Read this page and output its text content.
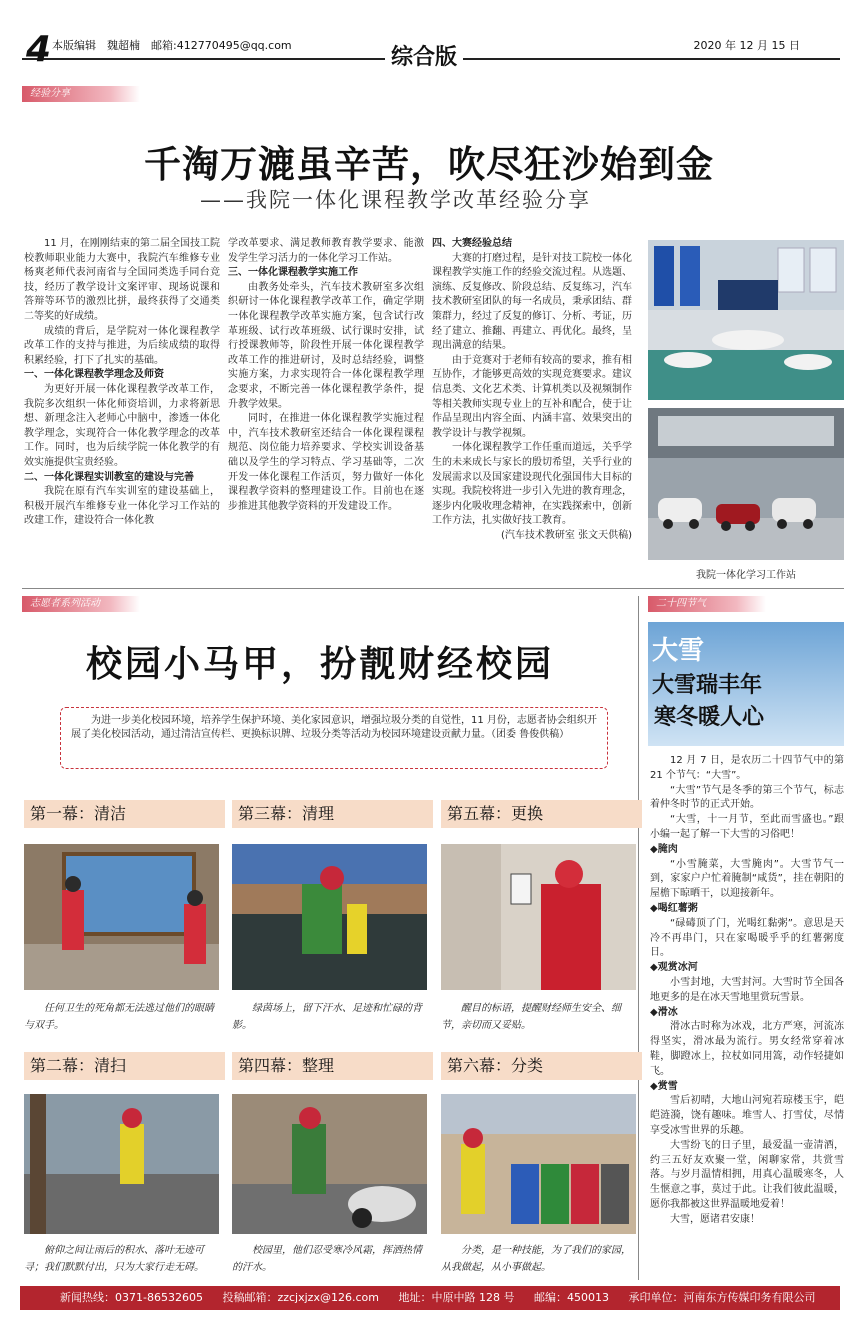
4 本版编辑　魏超楠　邮箱:412770495@qq.com	综合版	2020 年 12 月 15 日
经验分享
千淘万漉虽辛苦，吹尽狂沙始到金
——我院一体化课程教学改革经验分享

11 月，在刚刚结束的第二届全国技工院校教师职业能力大赛中，我院汽车维修专业杨爽老师代表河南省与全国同类选手同台竞技，经历了教学设计文案评审、现场说课和答辩等环节的激烈比拼，最终获得了交通类二等奖的好成绩。

成绩的背后，是学院对一体化课程教学改革工作的支持与推进，为后续成绩的取得积累经验，打下了扎实的基础。

一、一体化课程教学理念及师资

为更好开展一体化课程教学改革工作，我院多次组织一体化师资培训，力求将新思想、新理念注入老师心中脑中，渗透一体化教学理念，实现符合一体化教学理念的改革工作。同时，也为后续学院一体化教学的有效实施提供宝贵经验。

二、一体化课程实训教室的建设与完善

我院在原有汽车实训室的建设基础上，积极开展汽车维修专业一体化学习工作站的改建工作，建设符合一体化教

学改革要求、满足教师教育教学要求、能激发学生学习活力的一体化学习工作站。

三、一体化课程教学实施工作

由教务处牵头，汽车技术教研室多次组织研讨一体化课程教学改革工作，确定学期一体化课程教学改革实施方案，包含试行改革班级、试行改革班级、试行课时安排，试行授课教师等，阶段性开展一体化课程教学改革工作的推进研讨，及时总结经验，调整实施方案，力求实现符合一体化课程教学理念要求，不断完善一体化课程教学条件，提升教学效果。

同时，在推进一体化课程教学实施过程中，汽车技术教研室还结合一体化课程课程规范、岗位能力培养要求、学校实训设备基础以及学生的学习特点、学习基础等，二次开发一体化课程工作活页，努力做好一体化课程教学资料的整理建设工作。目前也在逐步推进其他教学资料的开发建设工作。

四、大赛经验总结

大赛的打磨过程，是针对技工院校一体化课程教学实施工作的经验交流过程。从选题、演练、反复修改、阶段总结、反复练习，汽车技术教研室团队的每一名成员，秉承团结、群策群力，经过了反复的修订、分析、考证，历经了建立、推翻、再建立、再优化。最终，呈现出满意的结果。

由于竞赛对于老师有较高的要求，推有相互协作，才能够更高效的实现竞赛要求。建议信息类、文化艺术类、计算机类以及视频制作等相关教师实现专业上的互补和配合，使于让作品呈现出内容全面、内涵丰富、效果突出的教学设计与教学视频。

一体化课程教学工作任重而道远，关乎学生的未来成长与家长的殷切希望，关乎行业的发展需求以及国家建设现代化强国伟大目标的实现。我院校将进一步引入先进的教育理念，逐步内化吸收理念精神，在实践探索中，创新工作方法，扎实做好技工教育。

(汽车技术教研室 张文天供稿)

我院一体化学习工作站
志愿者系列活动
校园小马甲，扮靓财经校园

为进一步美化校园环境，培养学生保护环境、美化家园意识，增强垃圾分类的自觉性，11 月份，志愿者协会组织开展了美化校园活动，通过清洁宣传栏、更换标识牌、垃圾分类等活动为校园环境建设贡献力量。（团委 鲁俊供稿）

第一幕：清洁	第三幕：清理	第五幕：更换
任何卫生的死角都无法逃过他们的眼睛与双手。
绿茵场上，留下汗水、足迹和忙碌的背影。
醒目的标语，提醒财经师生安全、细节，亲切而又妥贴。
第二幕：清扫	第四幕：整理	第六幕：分类
俯仰之间让雨后的积水、落叶无迹可寻；我们默默付出，只为大家行走无碍。
校园里，他们忍受寒冷风霜，挥洒热情的汗水。
分类，是一种技能，为了我们的家园，从我做起，从小事做起。
二十四节气
大雪
大雪瑞丰年
寒冬暖人心

12 月 7 日，是农历二十四节气中的第 21 个节气：“大雪”。

“大雪”节气是冬季的第三个节气，标志着仲冬时节的正式开始。

“大雪，十一月节，至此而雪盛也。”跟小编一起了解一下大雪的习俗吧！

◆腌肉

“小雪腌菜，大雪腌肉”。大雪节气一到，家家户户忙着腌制“咸货”，挂在朝阳的屋檐下晾晒干，以迎接新年。

◆喝红薯粥

“碌碡顶了门，光喝红黏粥”。意思是天冷不再串门，只在家喝暖乎乎的红薯粥度日。

◆观赏冰河

小雪封地，大雪封河。大雪时节全国各地更多的是在冰天雪地里赏玩雪景。

◆滑冰

滑冰古时称为冰戏，北方严寒，河流冻得坚实，滑冰最为流行。男女经常穿着冰鞋，脚蹬冰上，拉杖如同用篙，动作轻捷如飞。

◆赏雪

雪后初晴，大地山河宛若琼楼玉宇，皑皑涟漪，饶有趣味。堆雪人、打雪仗，尽情享受冰雪世界的乐趣。

大雪纷飞的日子里，最爱温一壶清酒，约三五好友欢聚一堂，闲聊家常，共赏雪落。与岁月温情相拥，用真心温暖寒冬，人生惬意之事，莫过于此。让我们彼此温暖，愿你我都被这世界温暖地爱着！

大雪，愿诸君安康！

新闻热线：0371-86532605 投稿邮箱：zzcjxjzx@126.com 地址：中原中路 128 号 邮编：450013 承印单位：河南东方传媒印务有限公司
